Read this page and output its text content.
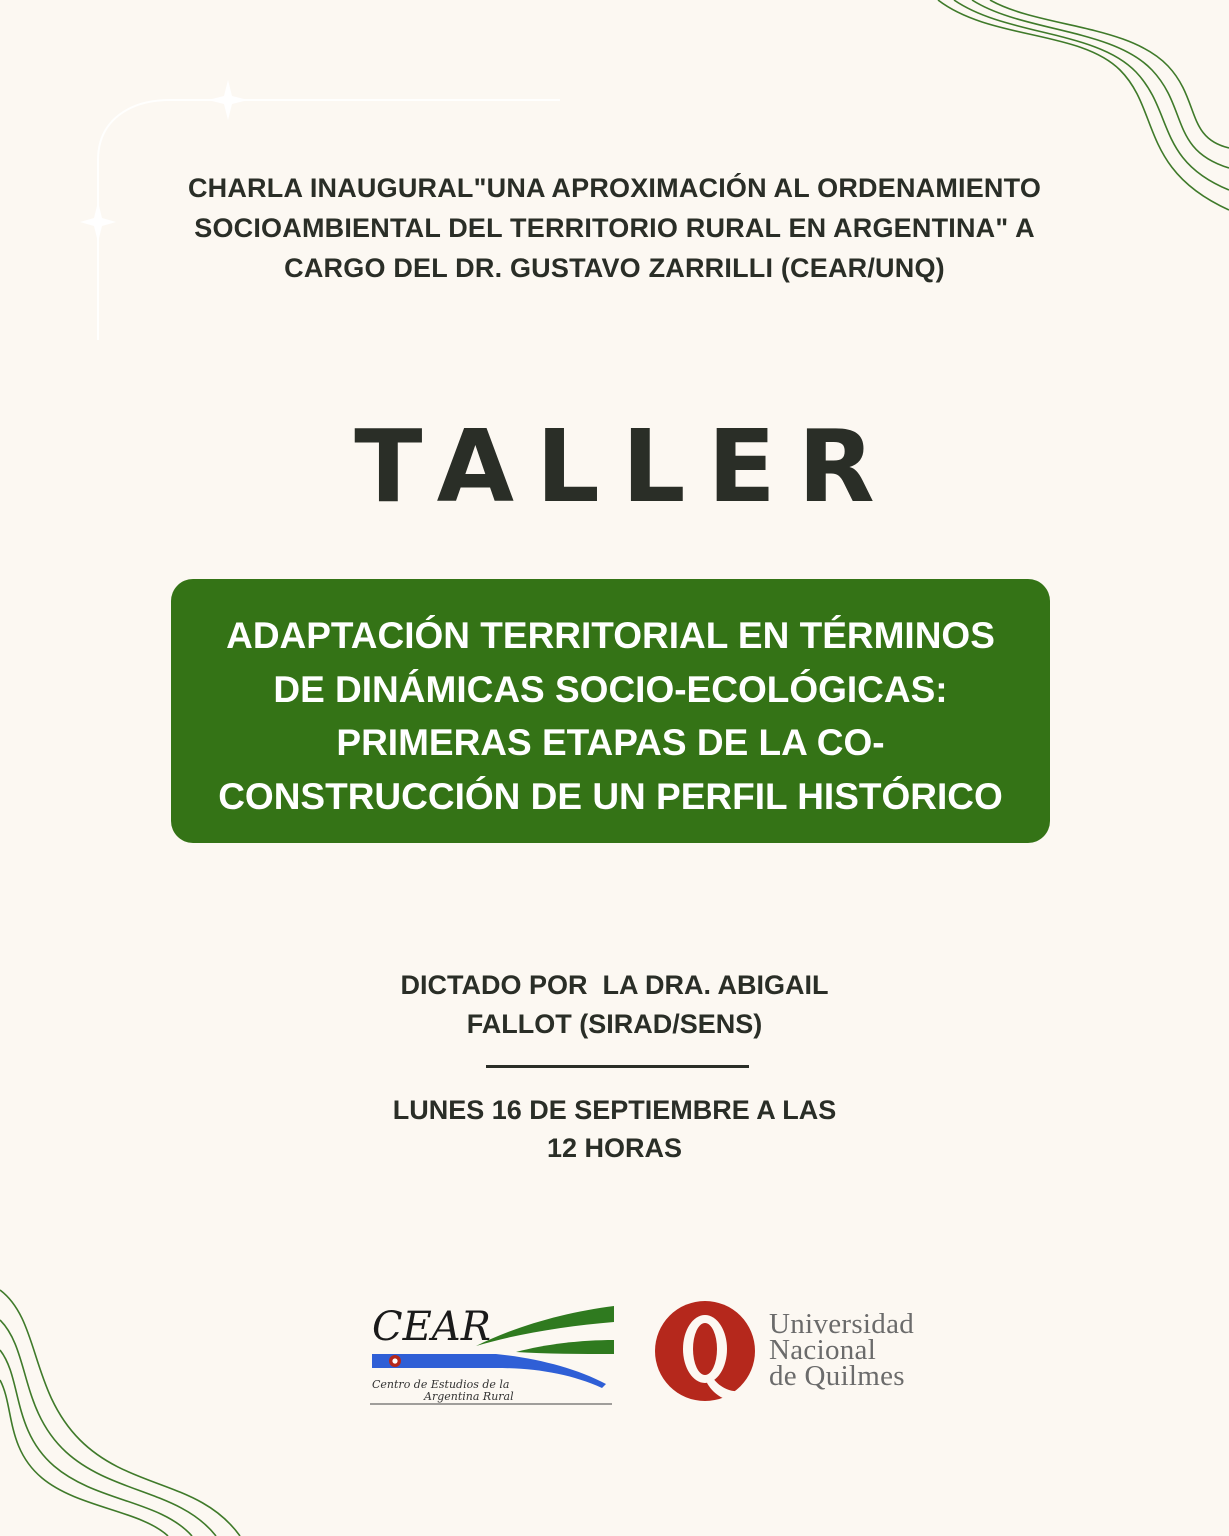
CHARLA INAUGURAL"UNA APROXIMACIÓN AL ORDENAMIENTO
SOCIOAMBIENTAL DEL TERRITORIO RURAL EN ARGENTINA" A
CARGO DEL DR. GUSTAVO ZARRILLI (CEAR/UNQ)
TALLER
ADAPTACIÓN TERRITORIAL EN TÉRMINOS
DE DINÁMICAS SOCIO-ECOLÓGICAS:
PRIMERAS ETAPAS DE LA CO-
CONSTRUCCIÓN DE UN PERFIL HISTÓRICO
DICTADO POR  LA DRA. ABIGAIL
FALLOT (SIRAD/SENS)
LUNES 16 DE SEPTIEMBRE A LAS
12 HORAS
CEAR
Centro de Estudios de la
Argentina Rural
Universidad
Nacional
de Quilmes
